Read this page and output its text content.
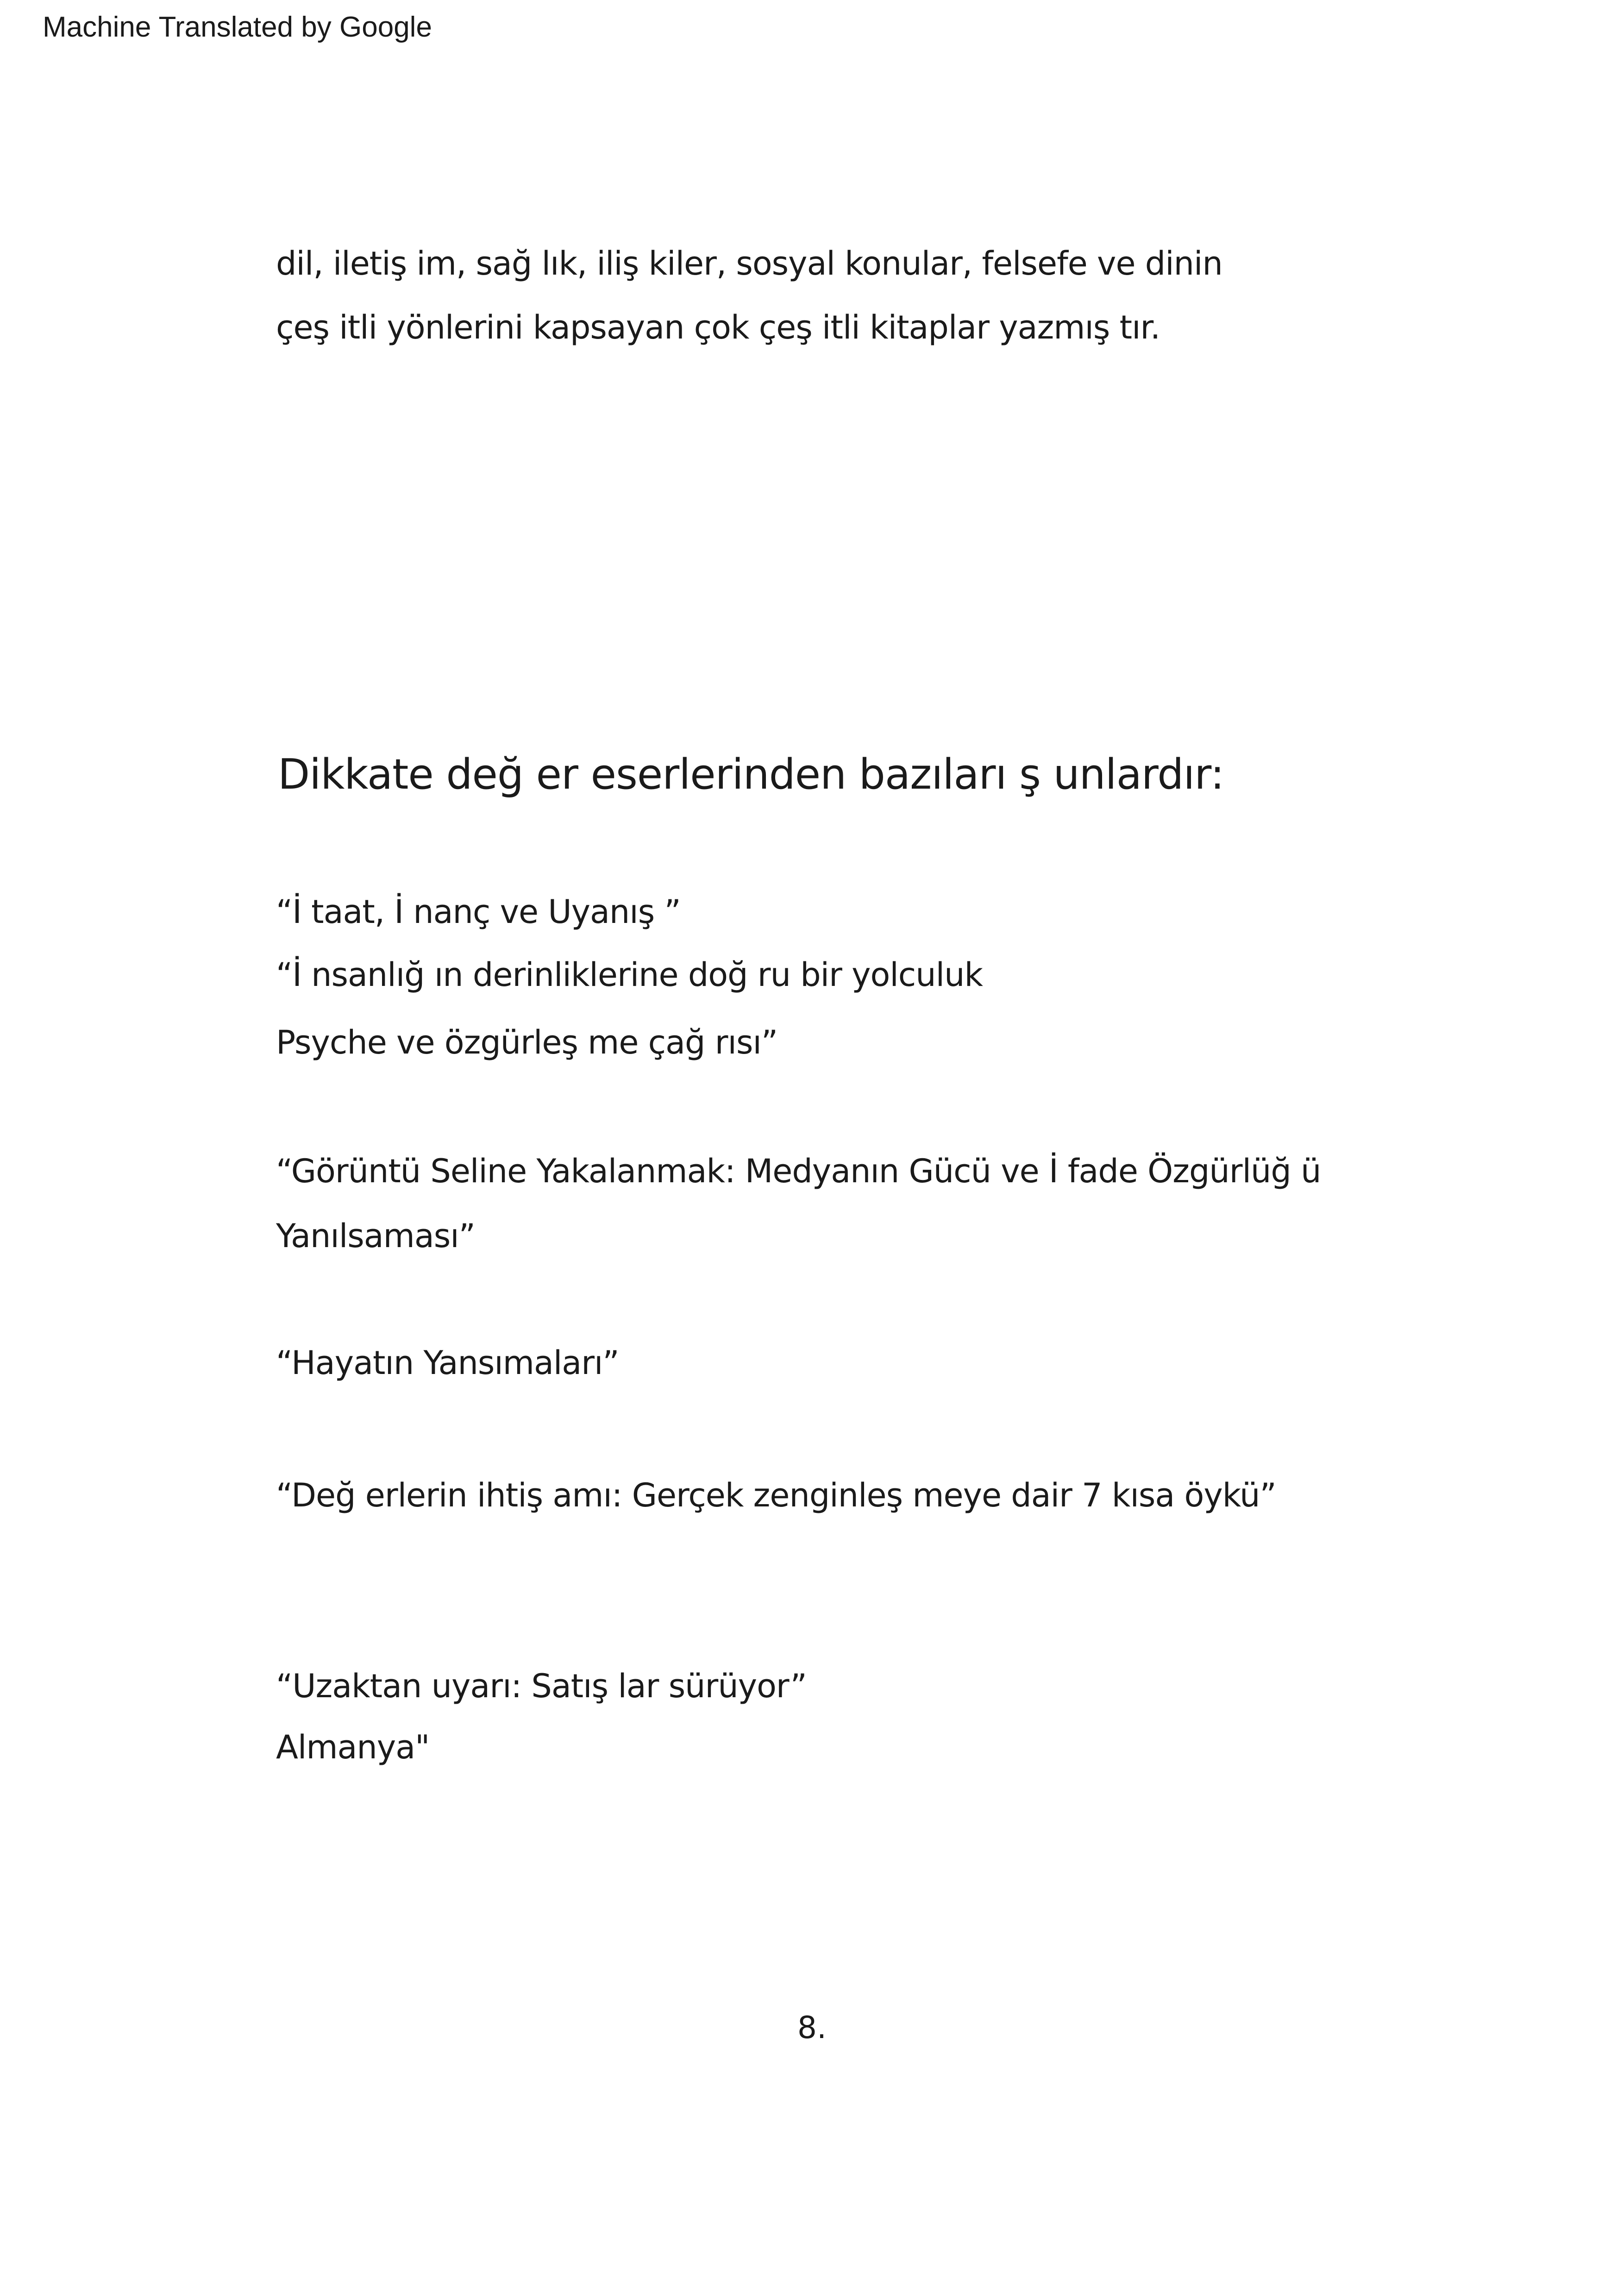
Machine Translated by Google
dil, iletiş im, sağ lık, iliş kiler, sosyal konular, felsefe ve dinin
çeş itli yönlerini kapsayan çok çeş itli kitaplar yazmış tır.
Dikkate değ er eserlerinden bazıları ş unlardır:
“İ taat, İ nanç ve Uyanış ”
“İ nsanlığ ın derinliklerine doğ ru bir yolculuk
Psyche ve özgürleş me çağ rısı”
“Görüntü Seline Yakalanmak: Medyanın Gücü ve İ fade Özgürlüğ ü
Yanılsaması”
“Hayatın Yansımaları”
“Değ erlerin ihtiş amı: Gerçek zenginleş meye dair 7 kısa öykü”
“Uzaktan uyarı: Satış lar sürüyor”
Almanya"
8.
